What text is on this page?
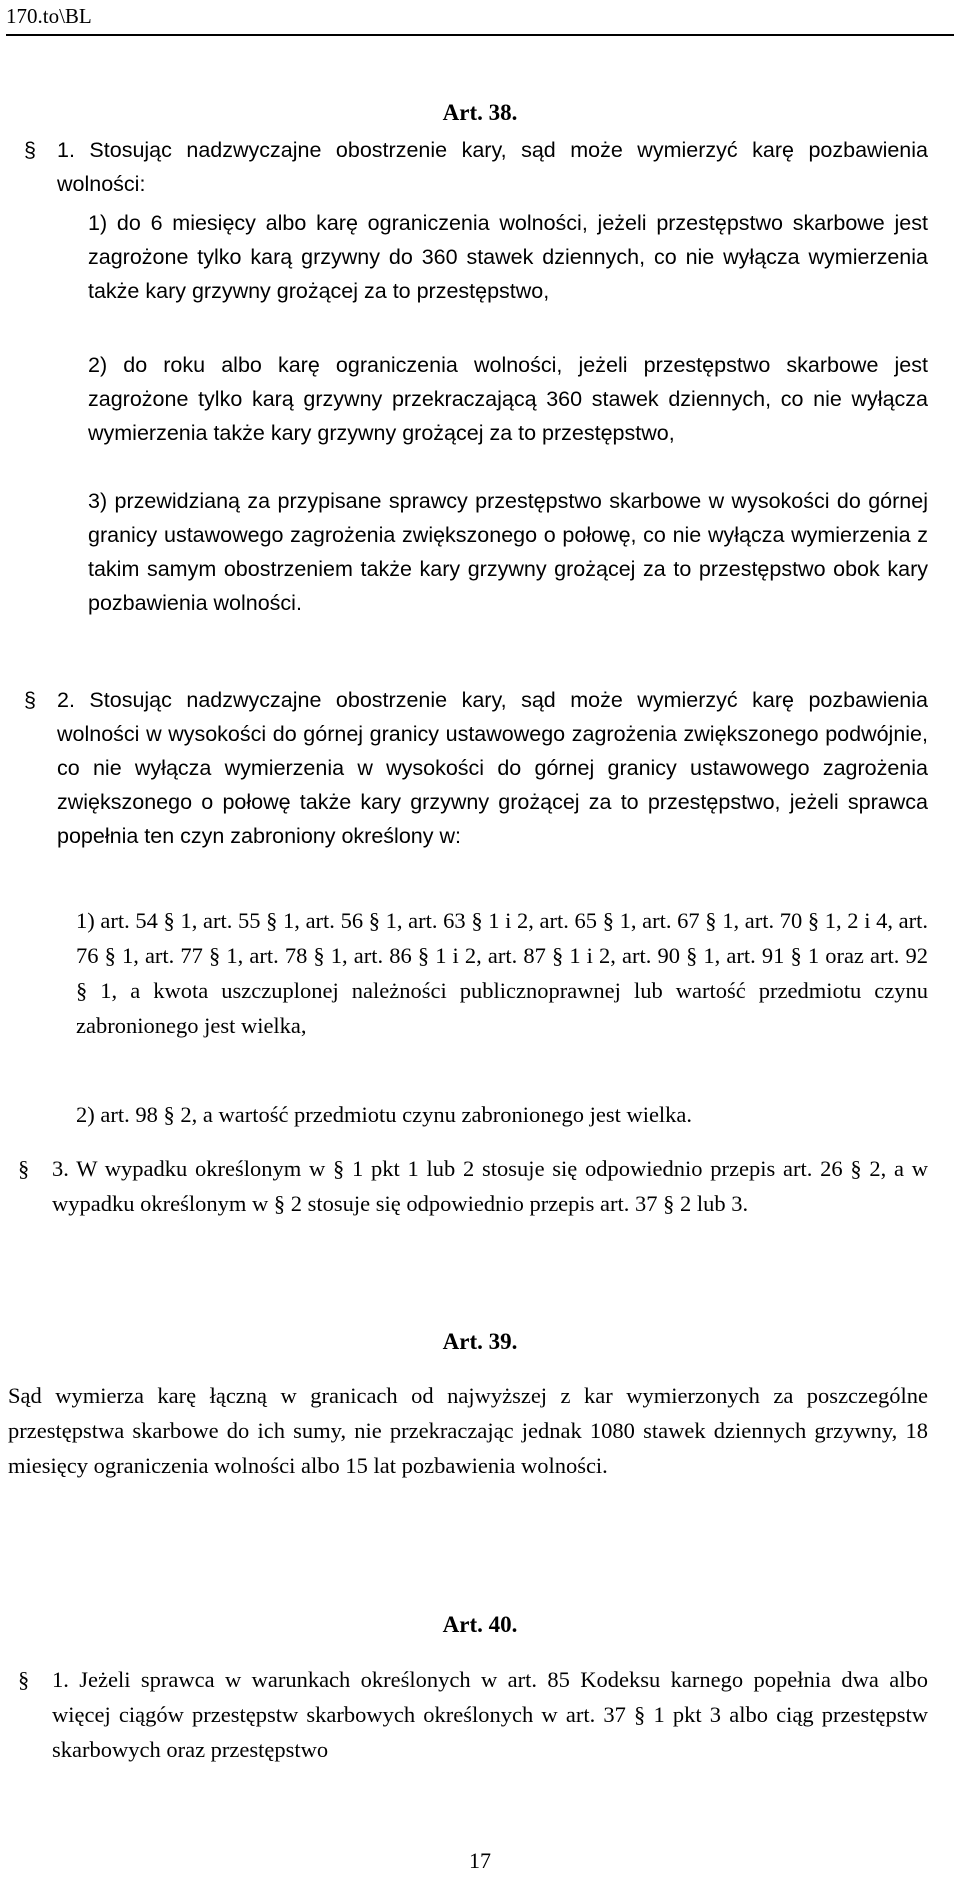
170.to\BL
Art. 38.
§ 1. Stosując nadzwyczajne obostrzenie kary, sąd może wymierzyć karę pozbawienia wolności:
1) do 6 miesięcy albo karę ograniczenia wolności, jeżeli przestępstwo skarbowe jest zagrożone tylko karą grzywny do 360 stawek dziennych, co nie wyłącza wymierzenia także kary grzywny grożącej za to przestępstwo,
2) do roku albo karę ograniczenia wolności, jeżeli przestępstwo skarbowe jest zagrożone tylko karą grzywny przekraczającą 360 stawek dziennych, co nie wyłącza wymierzenia także kary grzywny grożącej za to przestępstwo,
3) przewidzianą za przypisane sprawcy przestępstwo skarbowe w wysokości do górnej granicy ustawowego zagrożenia zwiększonego o połowę, co nie wyłącza wymierzenia z takim samym obostrzeniem także kary grzywny grożącej za to przestępstwo obok kary pozbawienia wolności.
§ 2. Stosując nadzwyczajne obostrzenie kary, sąd może wymierzyć karę pozbawienia wolności w wysokości do górnej granicy ustawowego zagrożenia zwiększonego podwójnie, co nie wyłącza wymierzenia w wysokości do górnej granicy ustawowego zagrożenia zwiększonego o połowę także kary grzywny grożącej za to przestępstwo, jeżeli sprawca popełnia ten czyn zabroniony określony w:
1) art. 54 § 1, art. 55 § 1, art. 56 § 1, art. 63 § 1 i 2, art. 65 § 1, art. 67 § 1, art. 70 § 1, 2 i 4, art. 76 § 1, art. 77 § 1, art. 78 § 1, art. 86 § 1 i 2, art. 87 § 1 i 2, art. 90 § 1, art. 91 § 1 oraz art. 92 § 1, a kwota uszczuplonej należności publicznoprawnej lub wartość przedmiotu czynu zabronionego jest wielka,
2) art. 98 § 2, a wartość przedmiotu czynu zabronionego jest wielka.
§ 3. W wypadku określonym w § 1 pkt 1 lub 2 stosuje się odpowiednio przepis art. 26 § 2, a w wypadku określonym w § 2 stosuje się odpowiednio przepis art. 37 § 2 lub 3.
Art. 39.
Sąd wymierza karę łączną w granicach od najwyższej z kar wymierzonych za poszczególne przestępstwa skarbowe do ich sumy, nie przekraczając jednak 1080 stawek dziennych grzywny, 18 miesięcy ograniczenia wolności albo 15 lat pozbawienia wolności.
Art. 40.
§ 1. Jeżeli sprawca w warunkach określonych w art. 85 Kodeksu karnego popełnia dwa albo więcej ciągów przestępstw skarbowych określonych w art. 37 § 1 pkt 3 albo ciąg przestępstw skarbowych oraz przestępstwo
17
